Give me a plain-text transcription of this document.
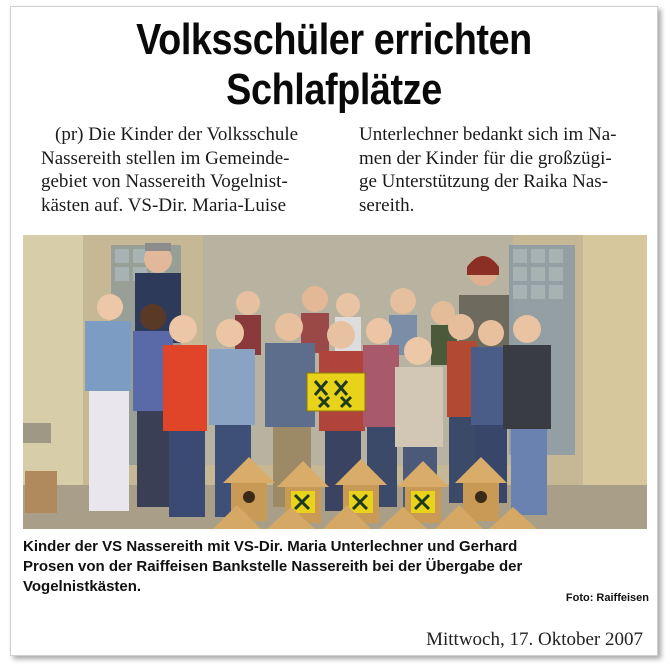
Volksschüler errichten
Schlafplätze
(pr) Die Kinder der Volksschule
Nassereith stellen im Gemeinde-
gebiet von Nassereith Vogelnist-
kästen auf. VS-Dir. Maria-Luise
Unterlechner bedankt sich im Na-
men der Kinder für die großzügi-
ge Unterstützung der Raika Nas-
sereith.
Kinder der VS Nassereith mit VS-Dir. Maria Unterlechner und Gerhard
Prosen von der Raiffeisen Bankstelle Nassereith bei der Übergabe der
Vogelnistkästen.
Foto: Raiffeisen
Mittwoch, 17. Oktober 2007
